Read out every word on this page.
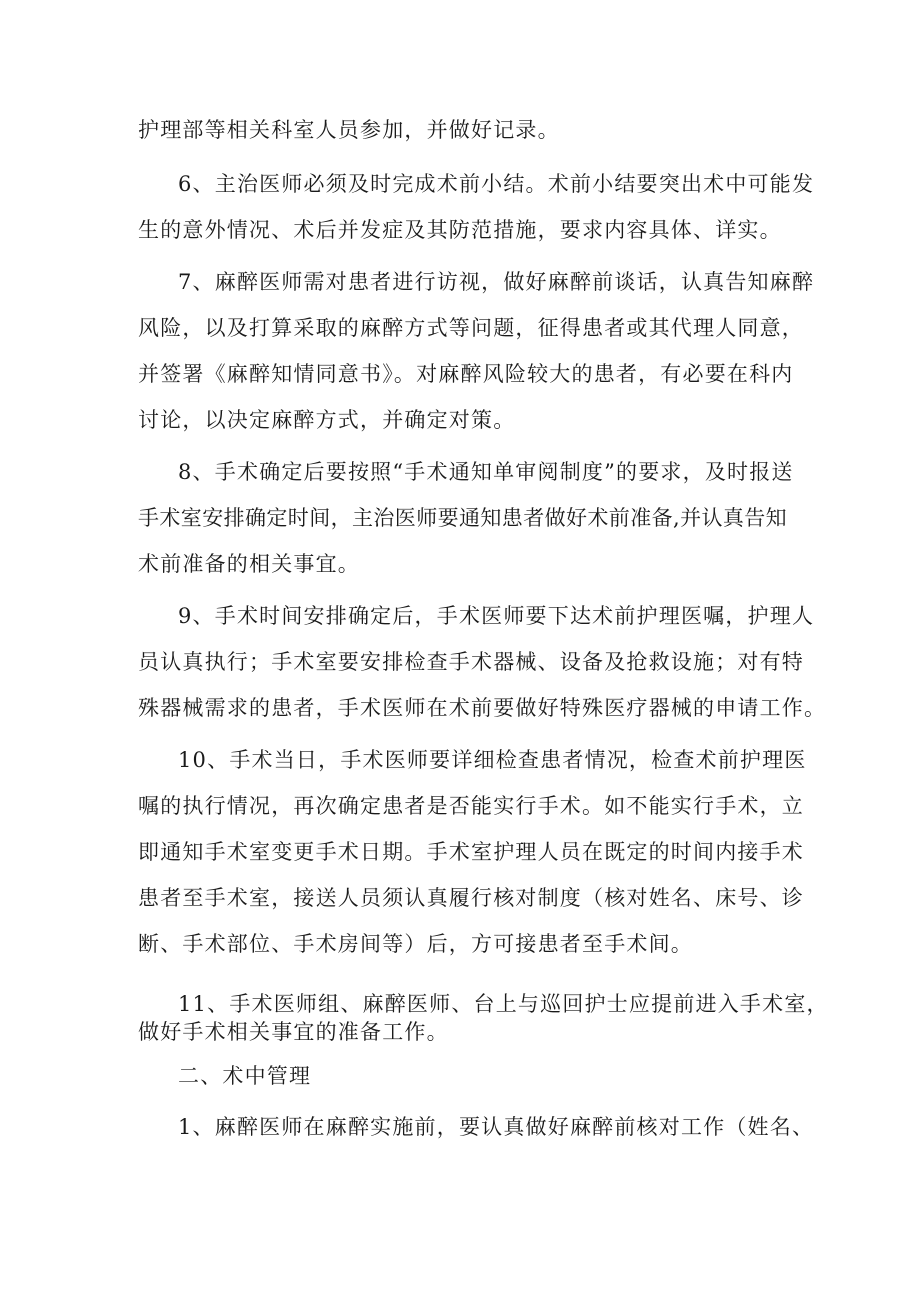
护理部等相关科室人员参加，并做好记录。

6、主治医师必须及时完成术前小结。术前小结要突出术中可能发

生的意外情况、术后并发症及其防范措施，要求内容具体、详实。

7、麻醉医师需对患者进行访视，做好麻醉前谈话，认真告知麻醉

风险，以及打算采取的麻醉方式等问题，征得患者或其代理人同意，

并签署《麻醉知情同意书》。对麻醉风险较大的患者，有必要在科内

讨论，以决定麻醉方式，并确定对策。

8、手术确定后要按照“手术通知单审阅制度”的要求，及时报送

手术室安排确定时间，主治医师要通知患者做好术前准备,并认真告知

术前准备的相关事宜。

9、手术时间安排确定后，手术医师要下达术前护理医嘱，护理人

员认真执行；手术室要安排检查手术器械、设备及抢救设施；对有特

殊器械需求的患者，手术医师在术前要做好特殊医疗器械的申请工作。

10、手术当日，手术医师要详细检查患者情况，检查术前护理医

嘱的执行情况，再次确定患者是否能实行手术。如不能实行手术，立

即通知手术室变更手术日期。手术室护理人员在既定的时间内接手术

患者至手术室，接送人员须认真履行核对制度（核对姓名、床号、诊

断、手术部位、手术房间等）后，方可接患者至手术间。

11、手术医师组、麻醉医师、台上与巡回护士应提前进入手术室，

做好手术相关事宜的准备工作。

二、术中管理

1、麻醉医师在麻醉实施前，要认真做好麻醉前核对工作（姓名、
